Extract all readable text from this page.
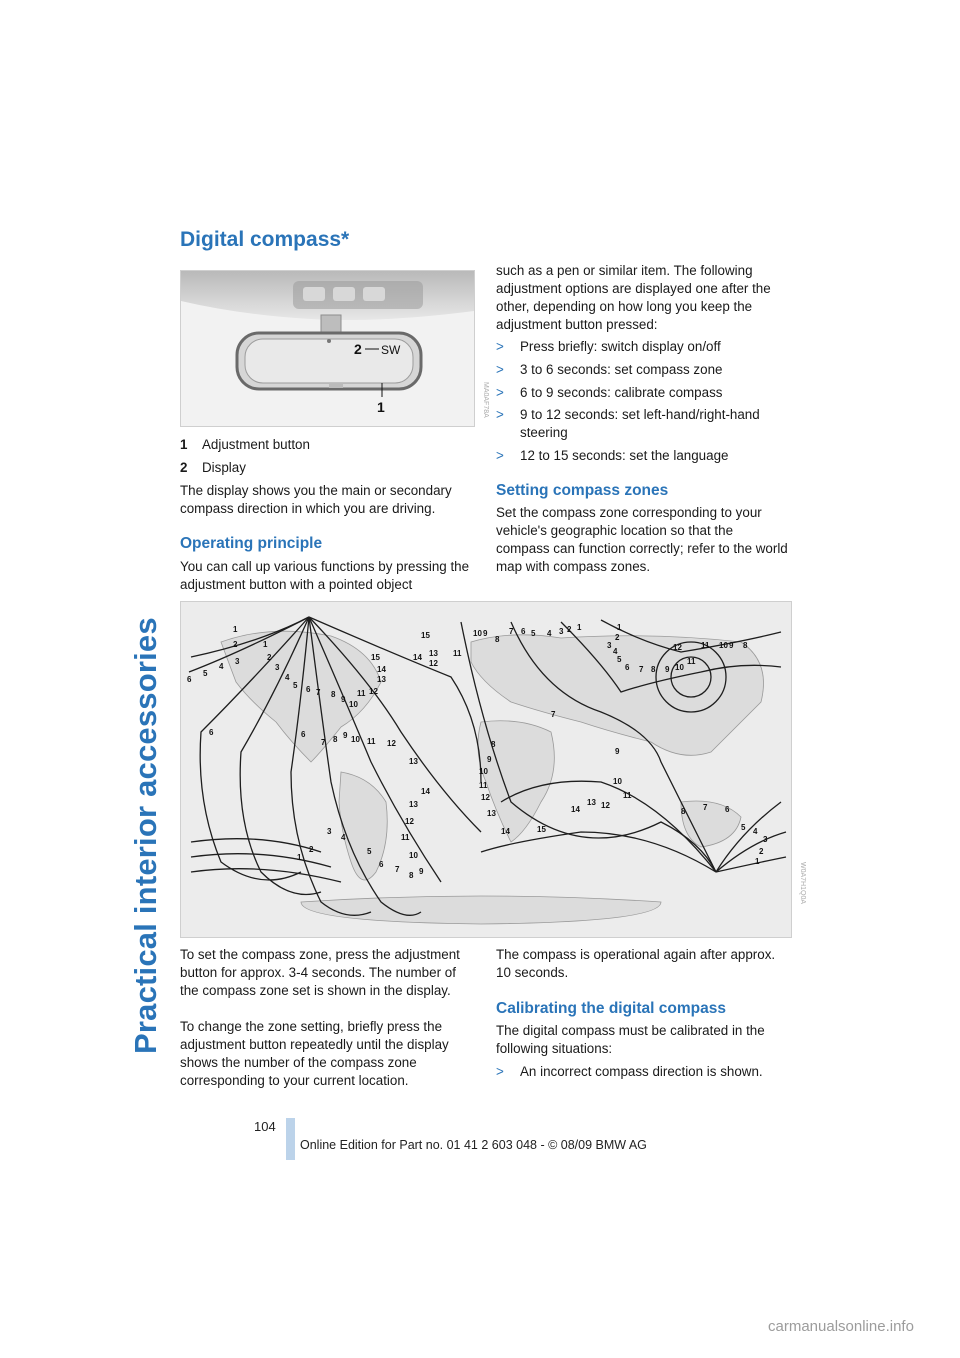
Practical interior accessories
Digital compass*
2 SW
1	MA0AF78A
1 Adjustment button
2 Display

The display shows you the main or secondary compass direction in which you are driving.

Operating principle

You can call up various functions by pressing the adjustment button with a pointed object

such as a pen or similar item. The following adjustment options are displayed one after the other, depending on how long you keep the adjustment button pressed:

> Press briefly: switch display on/off
> 3 to 6 seconds: set compass zone
> 6 to 9 seconds: calibrate compass
> 9 to 12 seconds: set left-hand/right-hand steering
> 12 to 15 seconds: set the language
Setting compass zones

Set the compass zone corresponding to your vehicle's geographic location so that the compass can function correctly; refer to the world map with compass zones.

1
2
3
4
5
6
1
2
3
4
5 6 7 8
9
10
11 12
13
14
15
15
14 13
12
11
10 9
8
7 6 5 4 3 2 1	1
2
3
4
5
6 7 8 9 10
11
12 11 10 9 8
7
9
10
11
12
13
14
15
14
13
12
11
10
9
8
6	6
7 8 9 10 11 12
13
14
13
12
11
10
9
8
7
6
5
4
3
2
1
8 7 6
5 4
3
2
1
W0A7H1Q0A

To set the compass zone, press the adjustment button for approx. 3-4 seconds. The number of the compass zone set is shown in the display.

To change the zone setting, briefly press the adjustment button repeatedly until the display shows the number of the compass zone corresponding to your current location.

The compass is operational again after approx. 10 seconds.

Calibrating the digital compass

The digital compass must be calibrated in the following situations:

> An incorrect compass direction is shown.
104
Online Edition for Part no. 01 41 2 603 048 - © 08/09 BMW AG
carmanualsonline.info
